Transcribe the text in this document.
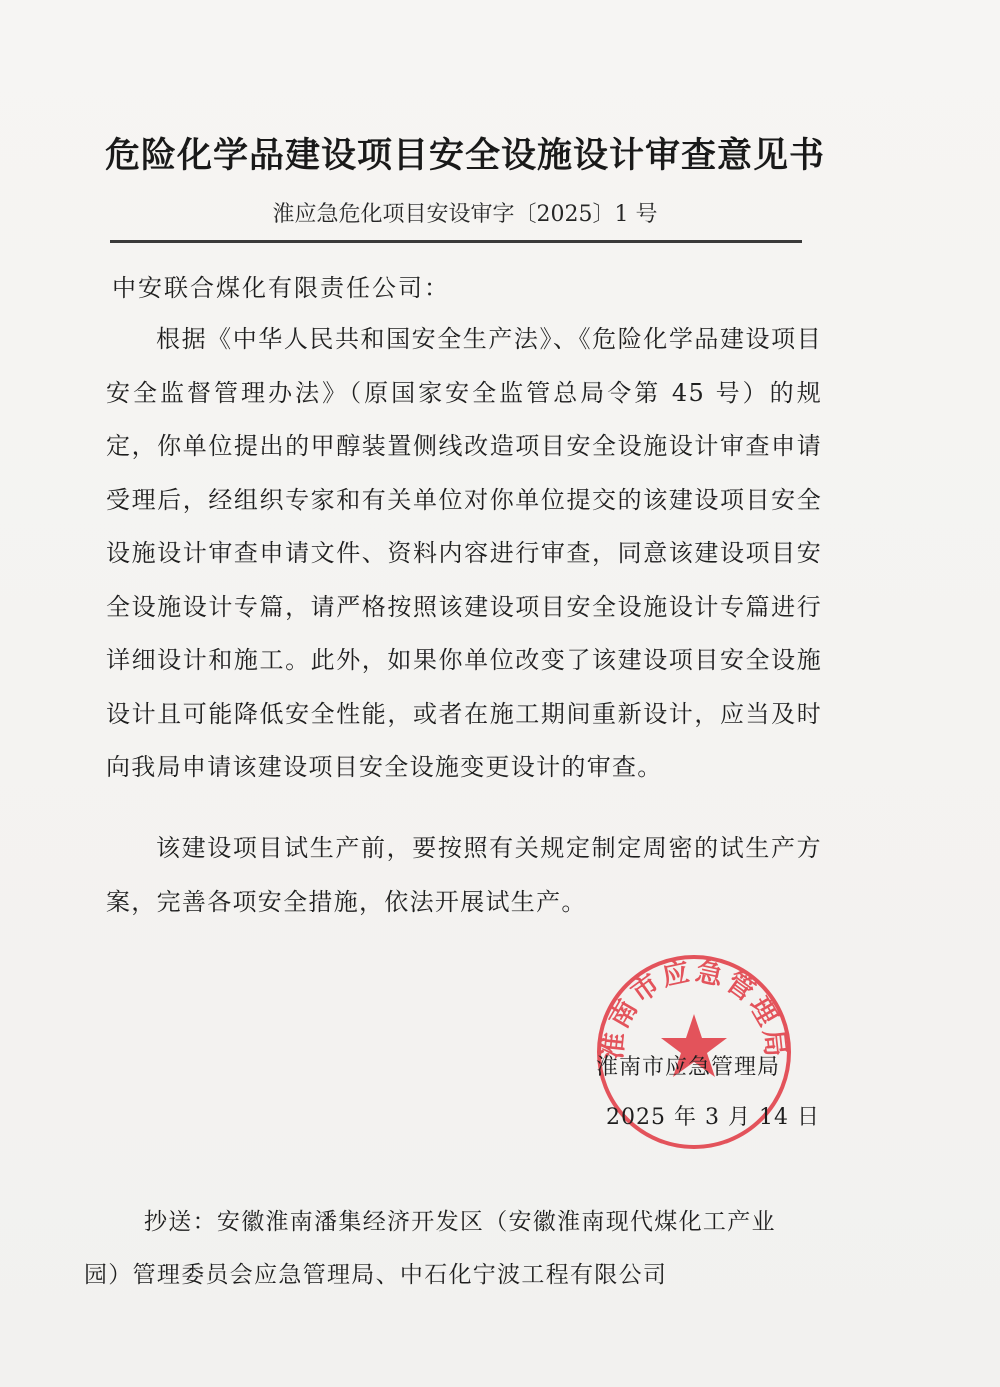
危险化学品建设项目安全设施设计审查意见书
淮应急危化项目安设审字〔2025〕1 号
中安联合煤化有限责任公司：
根据《中华人民共和国安全生产法》、《危险化学品建设项目安全监督管理办法》（原国家安全监管总局令第 45 号）的规定，你单位提出的甲醇装置侧线改造项目安全设施设计审查申请受理后，经组织专家和有关单位对你单位提交的该建设项目安全设施设计审查申请文件、资料内容进行审查，同意该建设项目安全设施设计专篇，请严格按照该建设项目安全设施设计专篇进行详细设计和施工。此外，如果你单位改变了该建设项目安全设施设计且可能降低安全性能，或者在施工期间重新设计，应当及时向我局申请该建设项目安全设施变更设计的审查。
该建设项目试生产前，要按照有关规定制定周密的试生产方案，完善各项安全措施，依法开展试生产。
淮南市应急管理局
淮南市应急管理局
2025 年 3 月 14 日
抄送：安徽淮南潘集经济开发区（安徽淮南现代煤化工产业园）管理委员会应急管理局、中石化宁波工程有限公司
